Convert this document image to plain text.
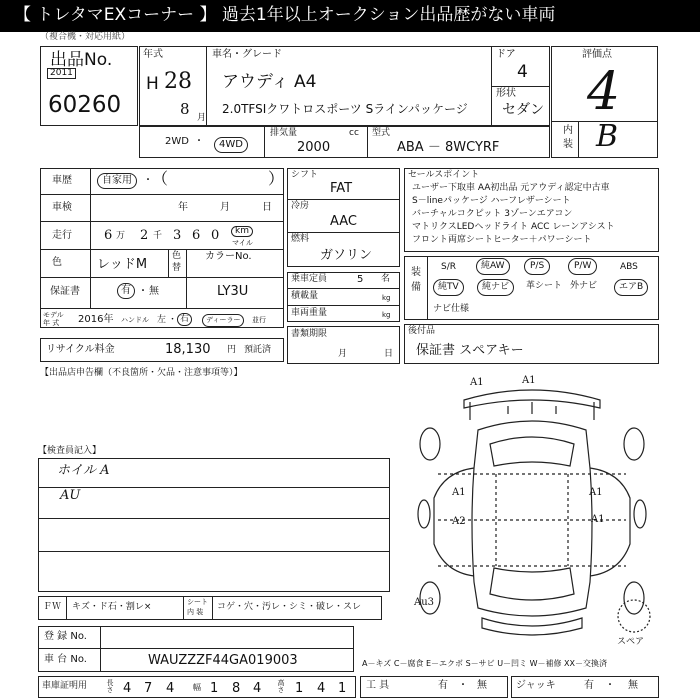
【 トレタマEXコーナー 】 過去1年以上オークション出品歴がない車両
（複合機・対応用紙）
出品No.
2011
60260
年式
H 28
8 月
車名・グレード
アウディ A4
2.0TFSIクワトロスポーツ Sラインパッケージ
ドア
4
形状
セダン
評価点
4
内
装 B
2WD ・	4WD
排気量	cc
2000
型式
ABA － 8WCYRF
車歴	自家用	・ （	）
車検	年	月	日
走行 6 万 2 千 3 6 0	km
マイル
色	レッドM
色
替
カラーNo.
保証書	有 ・ 無	LY3U
モデル
年 式 2016年 ハンドル 左 ・ 右	ディーラー	並行
リサイクル料金	18,130 円 預託済
シフト
FAT
冷房
AAC
燃料
ガソリン
乗車定員	5 名
積載量	kg
車両重量	kg
書類期限
月	日
セールスポイント
ユーザー下取車 AA初出品 元アウディ認定中古車
S－lineパッケージ ハーフレザーシート
バーチャルコクピット 3ゾーンエアコン
マトリクスLEDヘッドライト ACC レーンアシスト
フロント両席シートヒーター＋パワーシート
装
備
S/R	純AW	P/S	P/W	ABS
純TV	純ナビ	革シート 外ナビ	エアB
ナビ仕様
後付品
保証書 スペアキー
【出品店申告欄（不良箇所・欠品・注意事項等）】
【検査員記入】
ホイル A
AU
A1	A1
A1
A2
A1
A1
Au3
スペア
ＦＷ キズ・ド石・割レ×	シート
内 装 コゲ・穴・汚レ・シミ・破レ・スレ
登 録 No.
車 台 No.	WAUZZZF44GA019003	A－キズ C－腐食 E－エクボ S－サビ U－凹ミ W－補修 XX－交換済
車庫証明用	長さ 4 7 4 幅 1 8 4 高さ 1 4 1 工 具	有 ・ 無	ジャッキ	有 ・ 無
